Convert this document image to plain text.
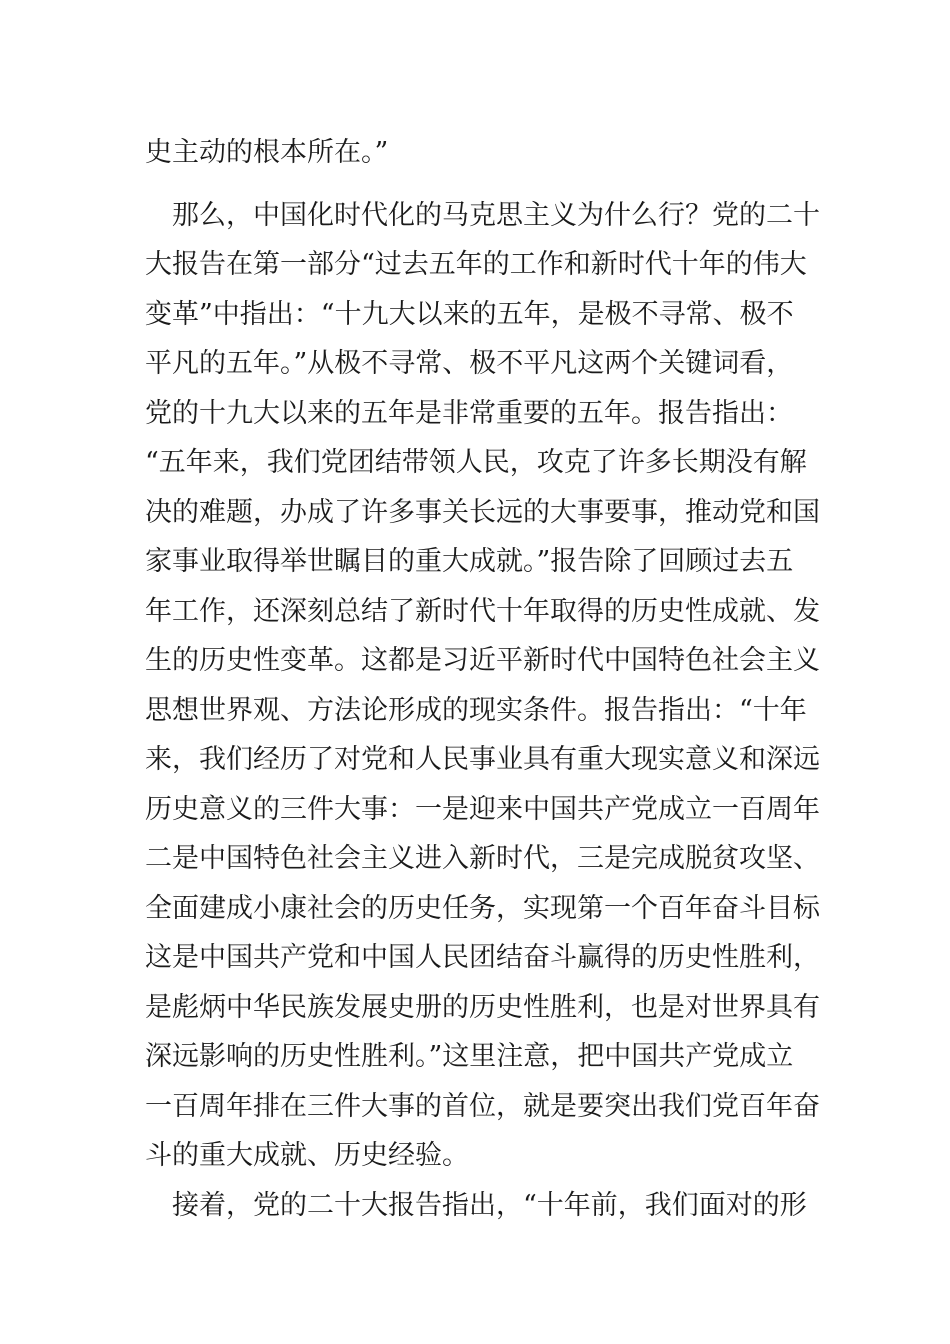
史主动的根本所在。”
　那么，中国化时代化的马克思主义为什么行？党的二十
大报告在第一部分“过去五年的工作和新时代十年的伟大
变革”中指出：“十九大以来的五年，是极不寻常、极不
平凡的五年。”从极不寻常、极不平凡这两个关键词看，
党的十九大以来的五年是非常重要的五年。报告指出：
“五年来，我们党团结带领人民，攻克了许多长期没有解
决的难题，办成了许多事关长远的大事要事，推动党和国
家事业取得举世瞩目的重大成就。”报告除了回顾过去五
年工作，还深刻总结了新时代十年取得的历史性成就、发
生的历史性变革。这都是习近平新时代中国特色社会主义
思想世界观、方法论形成的现实条件。报告指出：“十年
来，我们经历了对党和人民事业具有重大现实意义和深远
历史意义的三件大事：一是迎来中国共产党成立一百周年
二是中国特色社会主义进入新时代，三是完成脱贫攻坚、
全面建成小康社会的历史任务，实现第一个百年奋斗目标
这是中国共产党和中国人民团结奋斗赢得的历史性胜利，
是彪炳中华民族发展史册的历史性胜利，也是对世界具有
深远影响的历史性胜利。”这里注意，把中国共产党成立
一百周年排在三件大事的首位，就是要突出我们党百年奋
斗的重大成就、历史经验。
　接着，党的二十大报告指出，“十年前，我们面对的形
